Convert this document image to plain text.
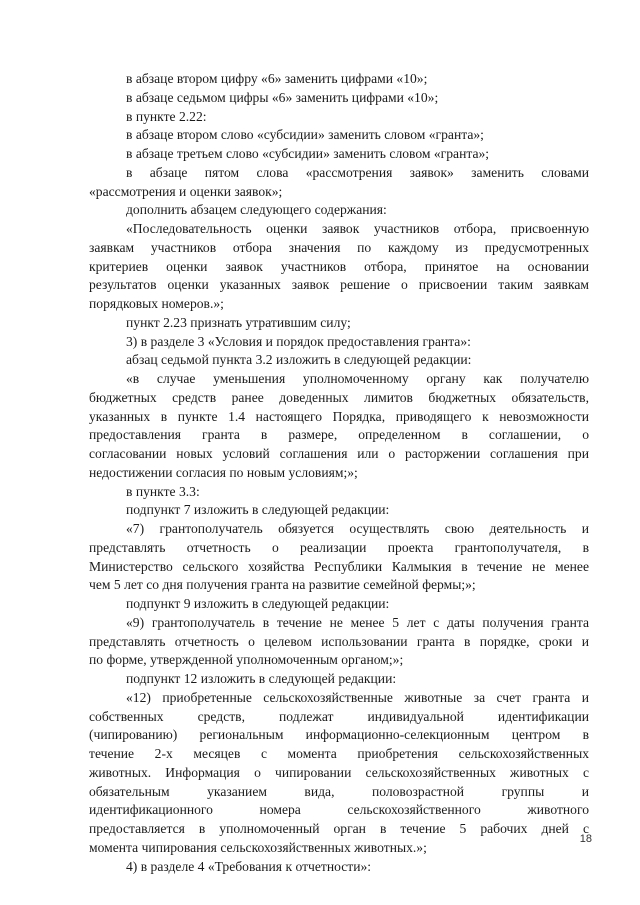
в абзаце втором цифру «6» заменить цифрами «10»;
в абзаце седьмом цифры «6» заменить цифрами «10»;
в пункте 2.22:
в абзаце втором слово «субсидии» заменить словом «гранта»;
в абзаце третьем слово «субсидии» заменить словом «гранта»;
в абзаце пятом слова «рассмотрения заявок» заменить словами
«рассмотрения и оценки заявок»;
дополнить абзацем следующего содержания:
«Последовательность оценки заявок участников отбора, присвоенную
заявкам участников отбора значения по каждому из предусмотренных
критериев оценки заявок участников отбора, принятое на основании
результатов оценки указанных заявок решение о присвоении таким заявкам
порядковых номеров.»;
пункт 2.23 признать утратившим силу;
3) в разделе 3 «Условия и порядок предоставления гранта»:
абзац седьмой пункта 3.2 изложить в следующей редакции:
«в случае уменьшения уполномоченному органу как получателю
бюджетных средств ранее доведенных лимитов бюджетных обязательств,
указанных в пункте 1.4 настоящего Порядка, приводящего к невозможности
предоставления гранта в размере, определенном в соглашении, о
согласовании новых условий соглашения или о расторжении соглашения при
недостижении согласия по новым условиям;»;
в пункте 3.3:
подпункт 7 изложить в следующей редакции:
«7) грантополучатель обязуется осуществлять свою деятельность и
представлять отчетность о реализации проекта грантополучателя, в
Министерство сельского хозяйства Республики Калмыкия в течение не менее
чем 5 лет со дня получения гранта на развитие семейной фермы;»;
подпункт 9 изложить в следующей редакции:
«9) грантополучатель в течение не менее 5 лет с даты получения гранта
представлять отчетность о целевом использовании гранта в порядке, сроки и
по форме, утвержденной уполномоченным органом;»;
подпункт 12 изложить в следующей редакции:
«12) приобретенные сельскохозяйственные животные за счет гранта и
собственных средств, подлежат индивидуальной идентификации
(чипированию) региональным информационно-селекционным центром в
течение 2-х месяцев с момента приобретения сельскохозяйственных
животных. Информация о чипировании сельскохозяйственных животных с
обязательным указанием вида, половозрастной группы и
идентификационного номера сельскохозяйственного животного
предоставляется в уполномоченный орган в течение 5 рабочих дней с
момента чипирования сельскохозяйственных животных.»;
4) в разделе 4 «Требования к отчетности»:
18
